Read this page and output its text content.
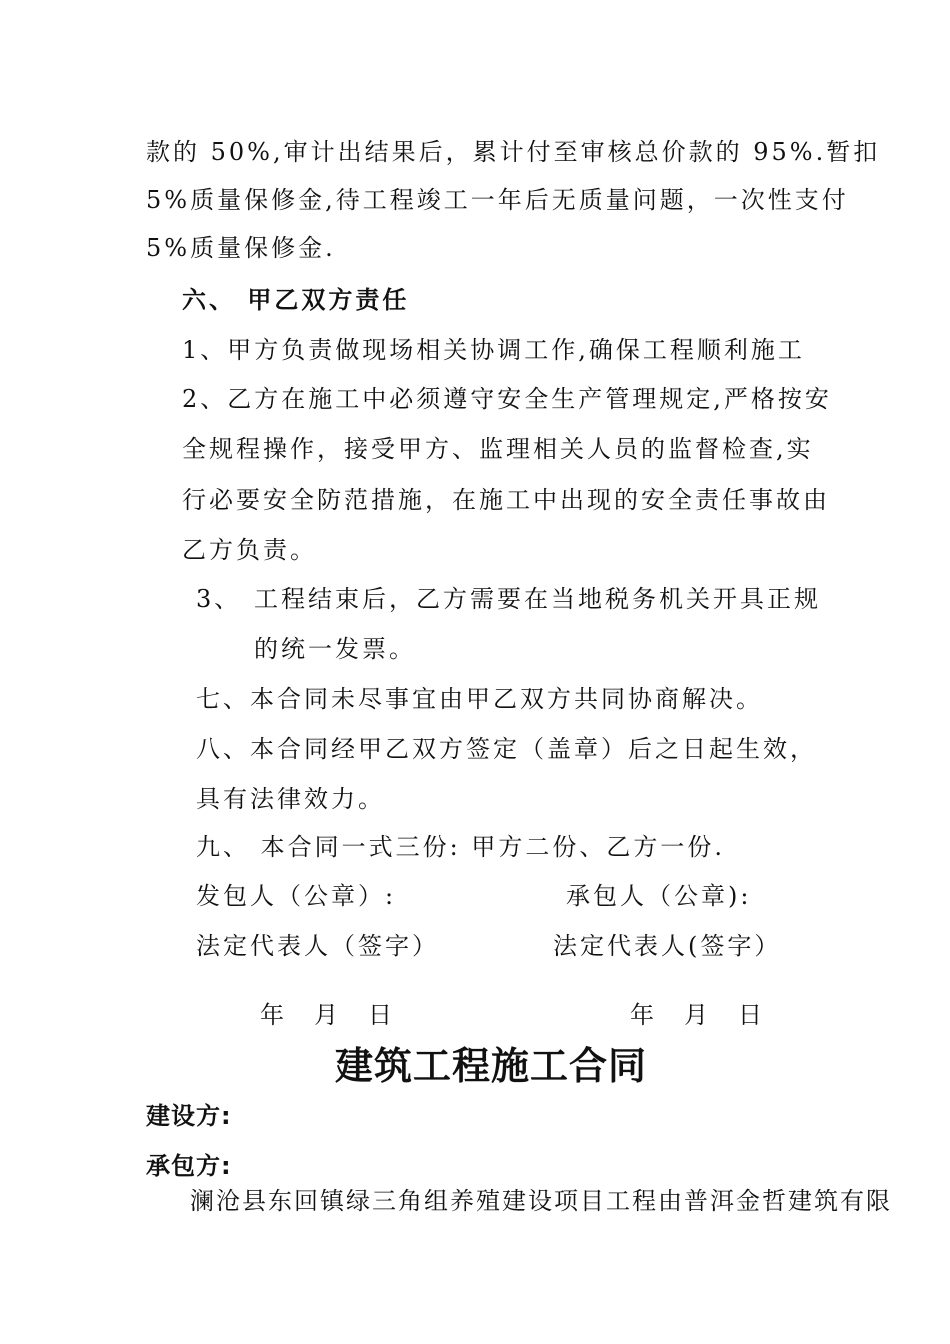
款的 50%,审计出结果后，累计付至审核总价款的 95%.暂扣
5%质量保修金,待工程竣工一年后无质量问题，一次性支付
5%质量保修金.
六、 甲乙双方责任
1、甲方负责做现场相关协调工作,确保工程顺利施工
2、乙方在施工中必须遵守安全生产管理规定,严格按安
全规程操作，接受甲方、监理相关人员的监督检查,实
行必要安全防范措施，在施工中出现的安全责任事故由
乙方负责。
3、 工程结束后，乙方需要在当地税务机关开具正规
的统一发票。
七、本合同未尽事宜由甲乙双方共同协商解决。
八、本合同经甲乙双方签定（盖章）后之日起生效，
具有法律效力。
九、 本合同一式三份: 甲方二份、乙方一份.
发包人（公章）:	承包人（公章):
法定代表人（签字）	法定代表人(签字）
年　月　日	年　月　日
建筑工程施工合同
建设方:
承包方:
澜沧县东回镇绿三角组养殖建设项目工程由普洱金哲建筑有限
